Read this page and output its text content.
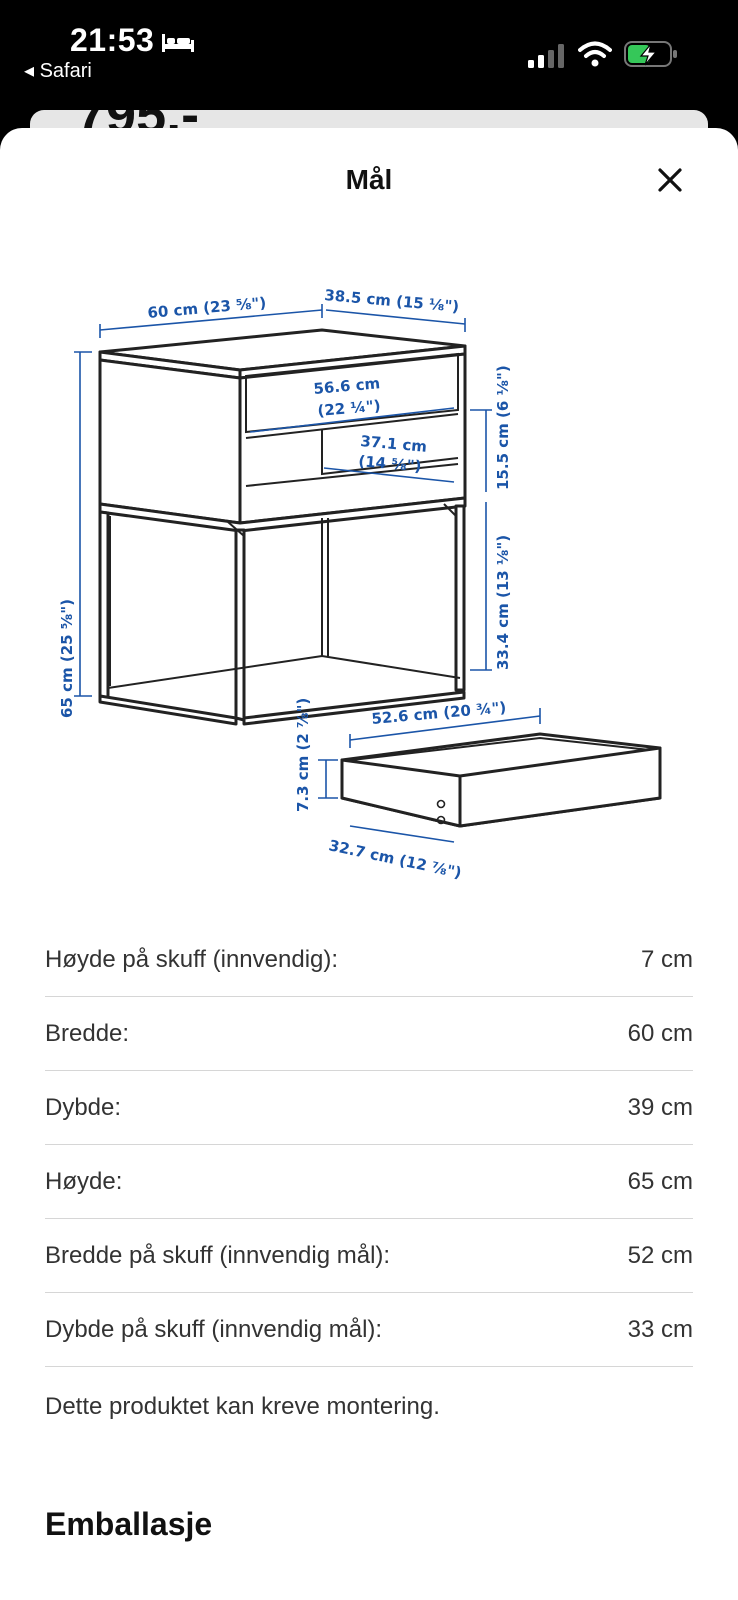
21:53
◂ Safari
Mål
60 cm (23 ⅝")	38.5 cm (15 ⅛")
65 cm (25 ⅝")
56.6 cm
(22 ¼")
37.1 cm
(14 ⅝")	15.5 cm (6 ⅛")
33.4 cm (13 ⅛")
52.6 cm (20 ¾")
7.3 cm (2 ⅞")
32.7 cm (12 ⅞")
Høyde på skuff (innvendig):	7 cm
Bredde:	60 cm
Dybde:	39 cm
Høyde:	65 cm
Bredde på skuff (innvendig mål):	52 cm
Dybde på skuff (innvendig mål):	33 cm
Dette produktet kan kreve montering.
Emballasje
